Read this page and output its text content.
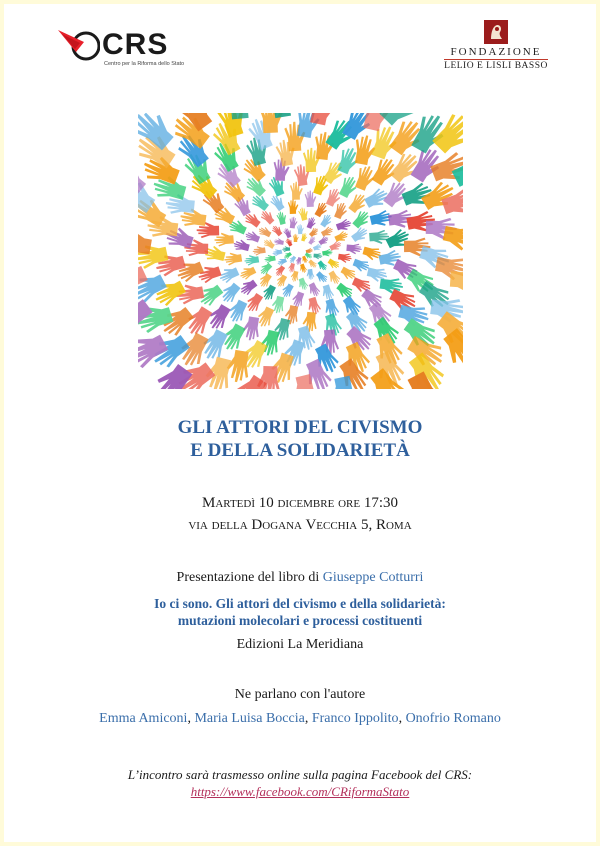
CRS
Centro per la Riforma dello Stato
FONDAZIONE
LELIO E LISLI BASSO
GLI ATTORI DEL CIVISMO
E DELLA SOLIDARIETÀ
Martedì 10 dicembre ore 17:30
via della Dogana Vecchia 5, Roma
Presentazione del libro di Giuseppe Cotturri
Io ci sono. Gli attori del civismo e della solidarietà:
mutazioni molecolari e processi costituenti
Edizioni La Meridiana
Ne parlano con l'autore
Emma Amiconi, Maria Luisa Boccia, Franco Ippolito, Onofrio Romano
L’incontro sarà trasmesso online sulla pagina Facebook del CRS:
https://www.facebook.com/CRiformaStato
